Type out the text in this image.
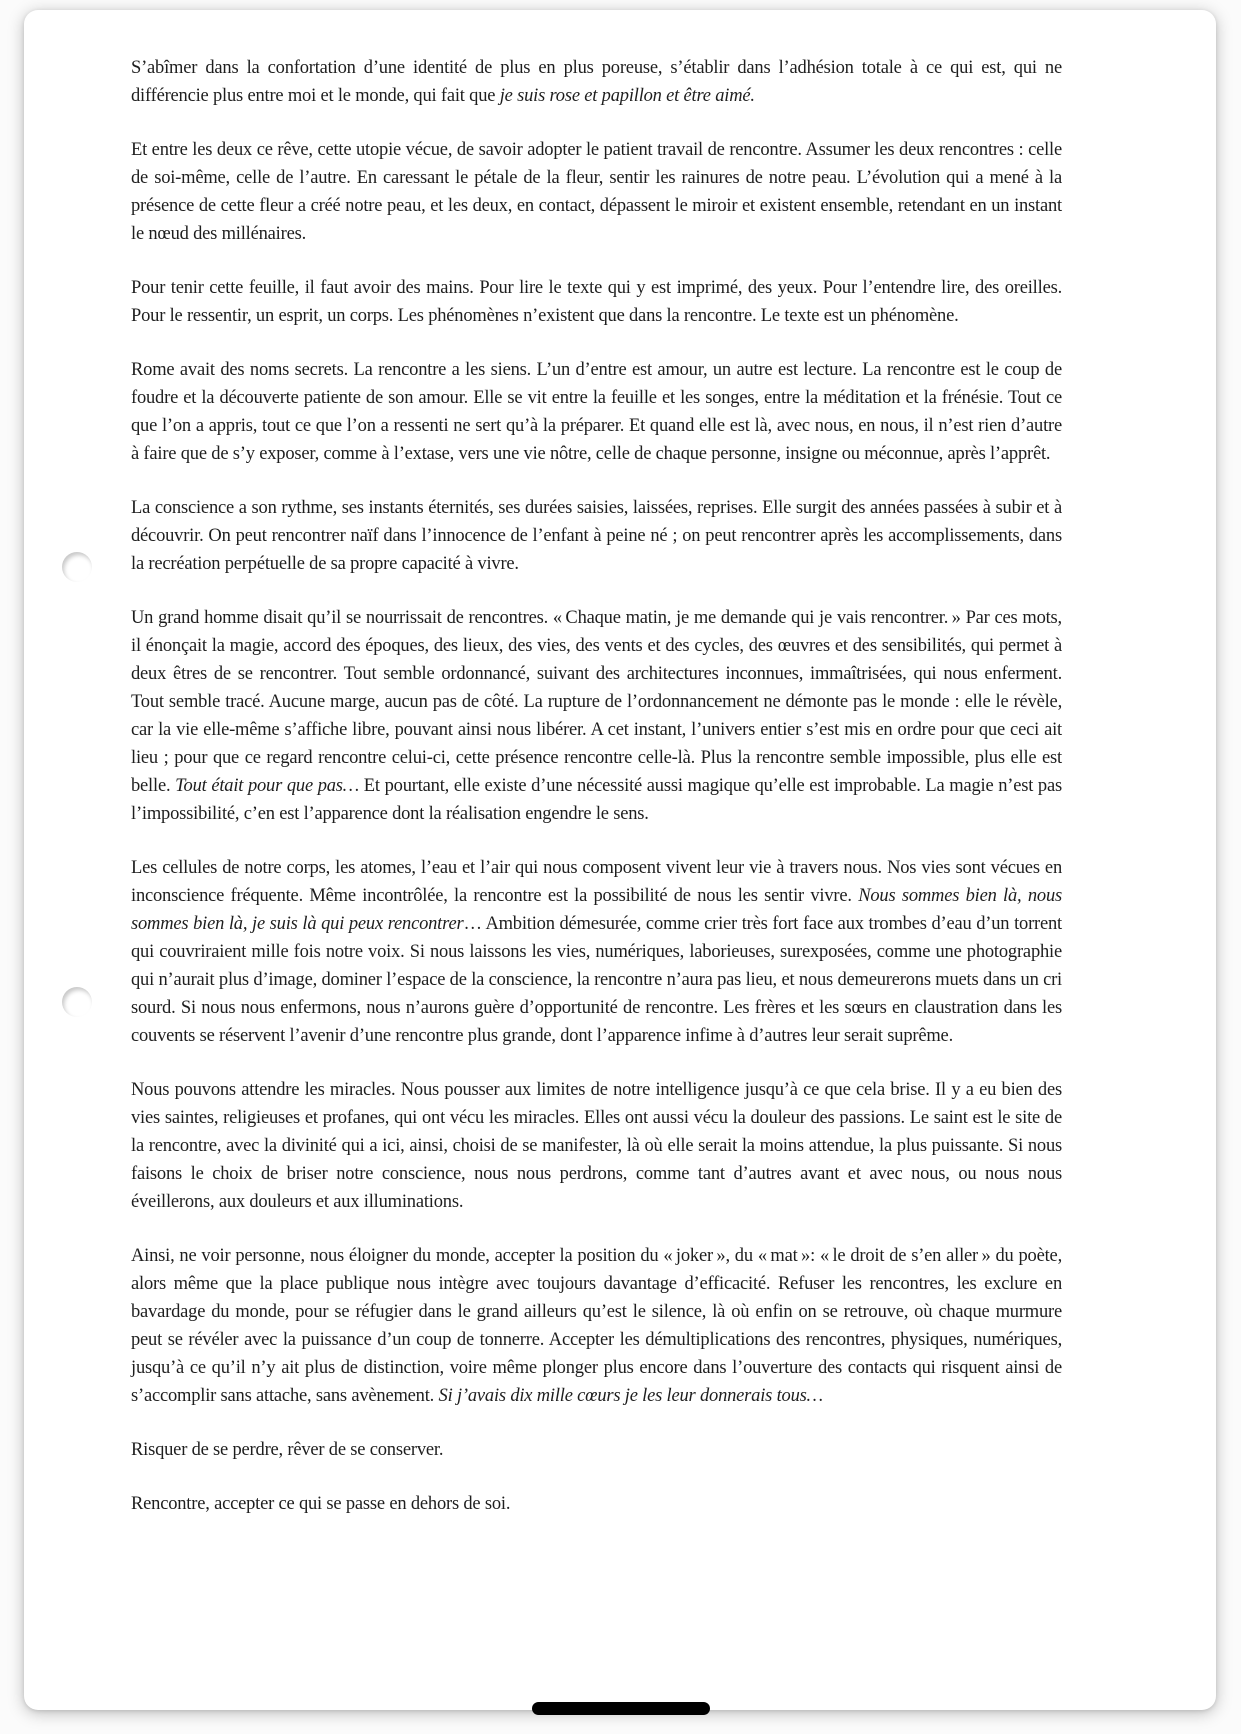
S’abîmer dans la confortation d’une identité de plus en plus poreuse, s’établir dans l’adhésion totale à ce qui est, qui ne différencie plus entre moi et le monde, qui fait que je suis rose et papillon et être aimé.

Et entre les deux ce rêve, cette utopie vécue, de savoir adopter le patient travail de rencontre. Assumer les deux rencontres : celle de soi-même, celle de l’autre. En caressant le pétale de la fleur, sentir les rainures de notre peau. L’évolution qui a mené à la présence de cette fleur a créé notre peau, et les deux, en contact, dépassent le miroir et existent ensemble, retendant en un instant le nœud des millénaires.

Pour tenir cette feuille, il faut avoir des mains. Pour lire le texte qui y est imprimé, des yeux. Pour l’entendre lire, des oreilles. Pour le ressentir, un esprit, un corps. Les phénomènes n’existent que dans la rencontre. Le texte est un phénomène.

Rome avait des noms secrets. La rencontre a les siens. L’un d’entre est amour, un autre est lecture. La rencontre est le coup de foudre et la découverte patiente de son amour. Elle se vit entre la feuille et les songes, entre la méditation et la frénésie. Tout ce que l’on a appris, tout ce que l’on a ressenti ne sert qu’à la préparer. Et quand elle est là, avec nous, en nous, il n’est rien d’autre à faire que de s’y exposer, comme à l’extase, vers une vie nôtre, celle de chaque personne, insigne ou méconnue, après l’apprêt.

La conscience a son rythme, ses instants éternités, ses durées saisies, laissées, reprises. Elle surgit des années passées à subir et à découvrir. On peut rencontrer naïf dans l’innocence de l’enfant à peine né ; on peut rencontrer après les accomplissements, dans la recréation perpétuelle de sa propre capacité à vivre.

Un grand homme disait qu’il se nourrissait de rencontres. « Chaque matin, je me demande qui je vais rencontrer. » Par ces mots, il énonçait la magie, accord des époques, des lieux, des vies, des vents et des cycles, des œuvres et des sensibilités, qui permet à deux êtres de se rencontrer. Tout semble ordonnancé, suivant des architectures inconnues, immaîtrisées, qui nous enferment. Tout semble tracé. Aucune marge, aucun pas de côté. La rupture de l’ordonnancement ne démonte pas le monde : elle le révèle, car la vie elle-même s’affiche libre, pouvant ainsi nous libérer. A cet instant, l’univers entier s’est mis en ordre pour que ceci ait lieu ; pour que ce regard rencontre celui-ci, cette présence rencontre celle-là. Plus la rencontre semble impossible, plus elle est belle. Tout était pour que pas… Et pourtant, elle existe d’une nécessité aussi magique qu’elle est improbable. La magie n’est pas l’impossibilité, c’en est l’apparence dont la réalisation engendre le sens.

Les cellules de notre corps, les atomes, l’eau et l’air qui nous composent vivent leur vie à travers nous. Nos vies sont vécues en inconscience fréquente. Même incontrôlée, la rencontre est la possibilité de nous les sentir vivre. Nous sommes bien là, nous sommes bien là, je suis là qui peux rencontrer… Ambition démesurée, comme crier très fort face aux trombes d’eau d’un torrent qui couvriraient mille fois notre voix. Si nous laissons les vies, numériques, laborieuses, surexposées, comme une photographie qui n’aurait plus d’image, dominer l’espace de la conscience, la rencontre n’aura pas lieu, et nous demeurerons muets dans un cri sourd. Si nous nous enfermons, nous n’aurons guère d’opportunité de rencontre. Les frères et les sœurs en claustration dans les couvents se réservent l’avenir d’une rencontre plus grande, dont l’apparence infime à d’autres leur serait suprême.

Nous pouvons attendre les miracles. Nous pousser aux limites de notre intelligence jusqu’à ce que cela brise. Il y a eu bien des vies saintes, religieuses et profanes, qui ont vécu les miracles. Elles ont aussi vécu la douleur des passions. Le saint est le site de la rencontre, avec la divinité qui a ici, ainsi, choisi de se manifester, là où elle serait la moins attendue, la plus puissante. Si nous faisons le choix de briser notre conscience, nous nous perdrons, comme tant d’autres avant et avec nous, ou nous nous éveillerons, aux douleurs et aux illuminations.

Ainsi, ne voir personne, nous éloigner du monde, accepter la position du « joker », du « mat »: « le droit de s’en aller » du poète, alors même que la place publique nous intègre avec toujours davantage d’efficacité. Refuser les rencontres, les exclure en bavardage du monde, pour se réfugier dans le grand ailleurs qu’est le silence, là où enfin on se retrouve, où chaque murmure peut se révéler avec la puissance d’un coup de tonnerre. Accepter les démultiplications des rencontres, physiques, numériques, jusqu’à ce qu’il n’y ait plus de distinction, voire même plonger plus encore dans l’ouverture des contacts qui risquent ainsi de s’accomplir sans attache, sans avènement. Si j’avais dix mille cœurs je les leur donnerais tous…

Risquer de se perdre, rêver de se conserver.

Rencontre, accepter ce qui se passe en dehors de soi.
